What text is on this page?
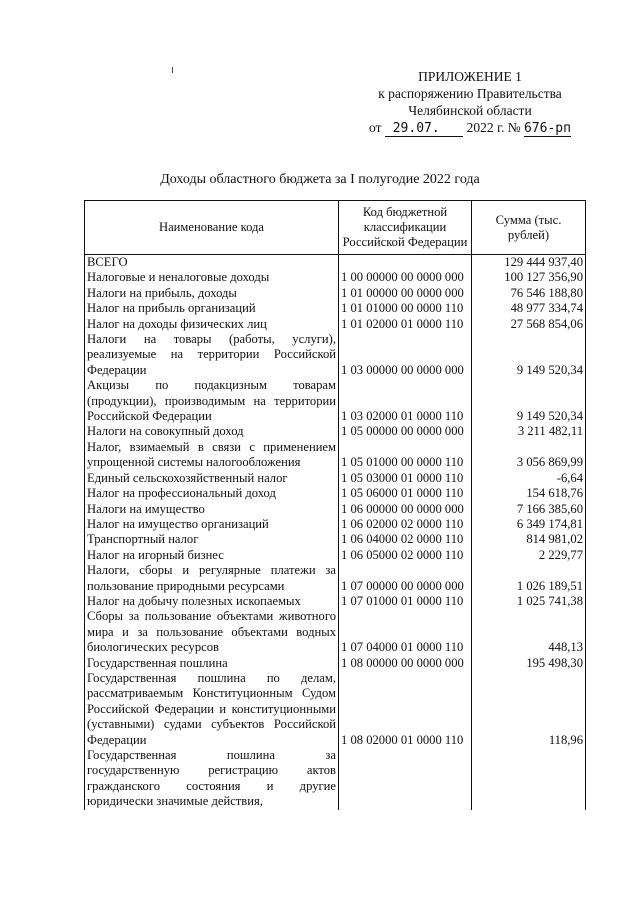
ПРИЛОЖЕНИЕ 1
к распоряжению Правительства
Челябинской области
от 29.07. 2022 г. № 676-рп
Доходы областного бюджета за I полугодие 2022 года
Наименование кода	Код бюджетной классификации Российской Федерации	Сумма (тыс. рублей)
ВСЕГО		129 444 937,40
Налоговые и неналоговые доходы	1 00 00000 00 0000 000	100 127 356,90
Налоги на прибыль, доходы	1 01 00000 00 0000 000	76 546 188,80
Налог на прибыль организаций	1 01 01000 00 0000 110	48 977 334,74
Налог на доходы физических лиц	1 01 02000 01 0000 110	27 568 854,06
Налоги на товары (работы, услуги), реализуемые на территории Российской Федерации	1 03 00000 00 0000 000	9 149 520,34
Акцизы по подакцизным товарам (продукции), производимым на территории Российской Федерации	1 03 02000 01 0000 110	9 149 520,34
Налоги на совокупный доход	1 05 00000 00 0000 000	3 211 482,11
Налог, взимаемый в связи с применением упрощенной системы налогообложения	1 05 01000 00 0000 110	3 056 869,99
Единый сельскохозяйственный налог	1 05 03000 01 0000 110	-6,64
Налог на профессиональный доход	1 05 06000 01 0000 110	154 618,76
Налоги на имущество	1 06 00000 00 0000 000	7 166 385,60
Налог на имущество организаций	1 06 02000 02 0000 110	6 349 174,81
Транспортный налог	1 06 04000 02 0000 110	814 981,02
Налог на игорный бизнес	1 06 05000 02 0000 110	2 229,77
Налоги, сборы и регулярные платежи за пользование природными ресурсами	1 07 00000 00 0000 000	1 026 189,51
Налог на добычу полезных ископаемых	1 07 01000 01 0000 110	1 025 741,38
Сборы за пользование объектами животного мира и за пользование объектами водных биологических ресурсов	1 07 04000 01 0000 110	448,13
Государственная пошлина	1 08 00000 00 0000 000	195 498,30
Государственная пошлина по делам, рассматриваемым Конституционным Судом Российской Федерации и конституционными (уставными) судами субъектов Российской Федерации	1 08 02000 01 0000 110	118,96
Государственная пошлина за государственную регистрацию актов гражданского состояния и другие юридически значимые действия,		
